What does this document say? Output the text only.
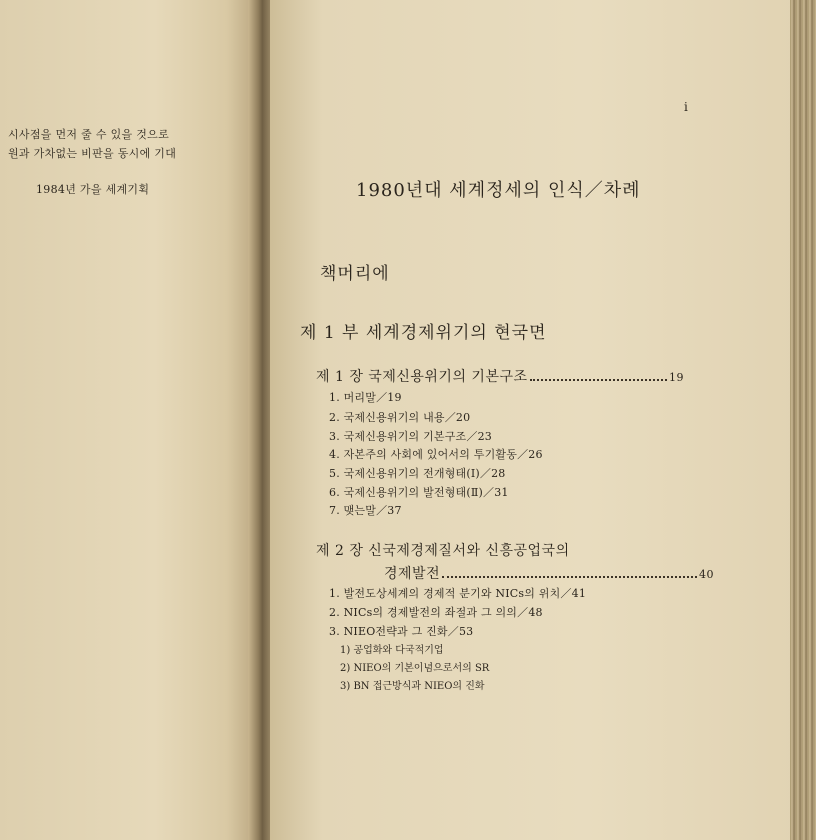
시사점을 먼저 줄 수 있을 것으로
원과 가차없는 비판을 동시에 기대
1984년 가을 세계기획
i
1980년대 세계정세의 인식／차례
책머리에
제 1 부 세계경제위기의 현국면
제 1 장 국제신용위기의 기본구조	19
1. 머리말／19
2. 국제신용위기의 내용／20
3. 국제신용위기의 기본구조／23
4. 자본주의 사회에 있어서의 투기활동／26
5. 국제신용위기의 전개형태(Ⅰ)／28
6. 국제신용위기의 발전형태(Ⅱ)／31
7. 맺는말／37
제 2 장 신국제경제질서와 신흥공업국의
경제발전	40
1. 발전도상세계의 경제적 분기와 NICs의 위치／41
2. NICs의 경제발전의 좌절과 그 의의／48
3. NIEO전략과 그 진화／53
1) 공업화와 다국적기업
2) NIEO의 기본이념으로서의 SR
3) BN 접근방식과 NIEO의 진화
